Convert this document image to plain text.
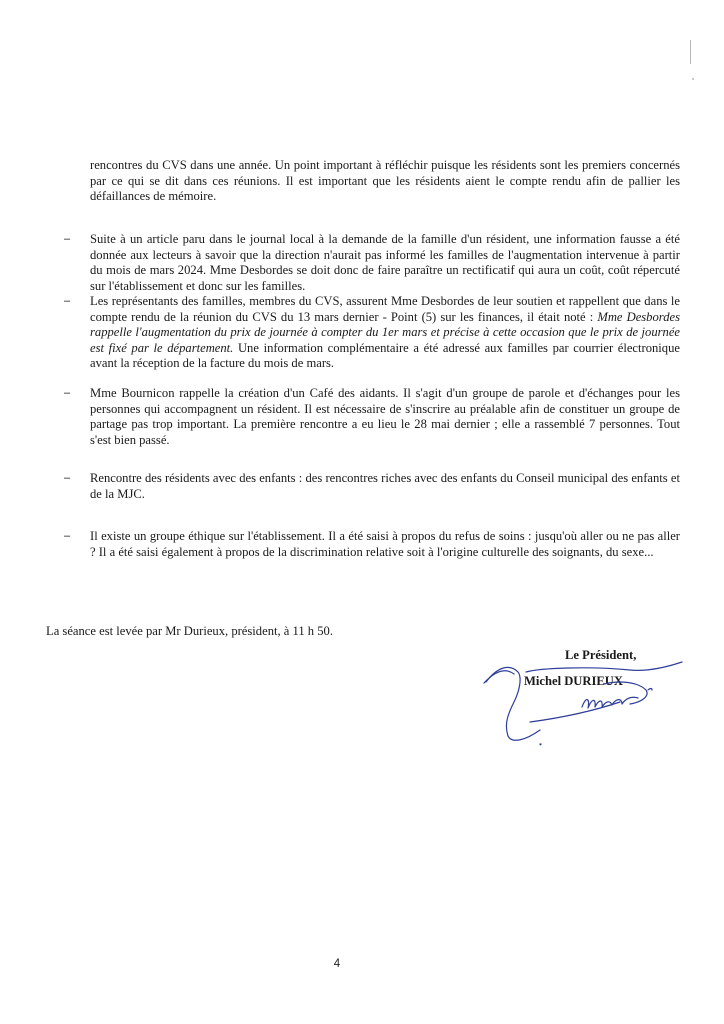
rencontres du CVS dans une année. Un point important à réfléchir puisque les résidents sont les premiers concernés par ce qui se dit dans ces réunions. Il est important que les résidents aient le compte rendu afin de pallier les défaillances de mémoire.

–	Suite à un article paru dans le journal local à la demande de la famille d'un résident, une information fausse a été donnée aux lecteurs à savoir que la direction n'aurait pas informé les familles de l'augmentation intervenue à partir du mois de mars 2024. Mme Desbordes se doit donc de faire paraître un rectificatif qui aura un coût, coût répercuté sur l'établissement et donc sur les familles.

–	Les représentants des familles, membres du CVS, assurent Mme Desbordes de leur soutien et rappellent que dans le compte rendu de la réunion du CVS du 13 mars dernier - Point (5) sur les finances, il était noté : Mme Desbordes rappelle l'augmentation du prix de journée à compter du 1er mars et précise à cette occasion que le prix de journée est fixé par le département. Une information complémentaire a été adressé aux familles par courrier électronique avant la réception de la facture du mois de mars.

–	Mme Bournicon rappelle la création d'un Café des aidants. Il s'agit d'un groupe de parole et d'échanges pour les personnes qui accompagnent un résident. Il est nécessaire de s'inscrire au préalable afin de constituer un groupe de partage pas trop important. La première rencontre a eu lieu le 28 mai dernier ; elle a rassemblé 7 personnes. Tout s'est bien passé.

–	Rencontre des résidents avec des enfants : des rencontres riches avec des enfants du Conseil municipal des enfants et de la MJC.

–	Il existe un groupe éthique sur l'établissement. Il a été saisi à propos du refus de soins : jusqu'où aller ou ne pas aller ? Il a été saisi également à propos de la discrimination relative soit à l'origine culturelle des soignants, du sexe...

La séance est levée par Mr Durieux, président, à 11 h 50.

Le Président,

Michel DURIEUX

4
